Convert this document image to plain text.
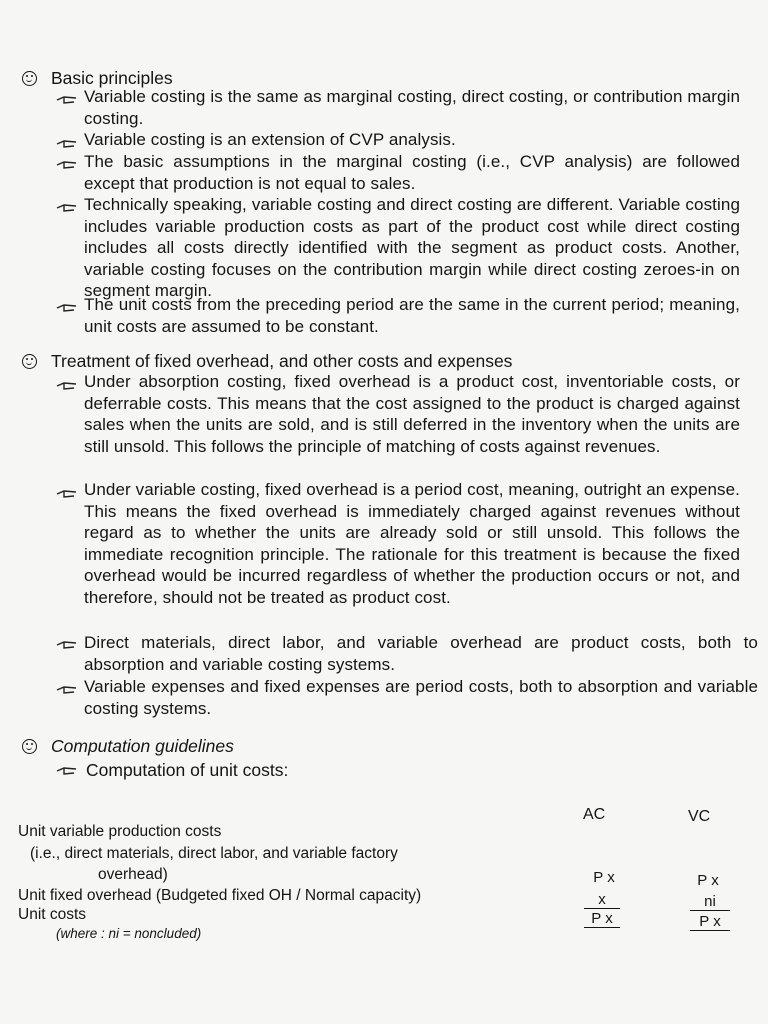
Basic principles
Variable costing is the same as marginal costing, direct costing, or contribution margin costing.
Variable costing is an extension of CVP analysis.
The basic assumptions in the marginal costing (i.e., CVP analysis) are followed except that production is not equal to sales.
Technically speaking, variable costing and direct costing are different. Variable costing includes variable production costs as part of the product cost while direct costing includes all costs directly identified with the segment as product costs. Another, variable costing focuses on the contribution margin while direct costing zeroes-in on segment margin.
The unit costs from the preceding period are the same in the current period; meaning, unit costs are assumed to be constant.
Treatment of fixed overhead, and other costs and expenses
Under absorption costing, fixed overhead is a product cost, inventoriable costs, or deferrable costs. This means that the cost assigned to the product is charged against sales when the units are sold, and is still deferred in the inventory when the units are still unsold. This follows the principle of matching of costs against revenues.
Under variable costing, fixed overhead is a period cost, meaning, outright an expense. This means the fixed overhead is immediately charged against revenues without regard as to whether the units are already sold or still unsold. This follows the immediate recognition principle. The rationale for this treatment is because the fixed overhead would be incurred regardless of whether the production occurs or not, and therefore, should not be treated as product cost.
Direct materials, direct labor, and variable overhead are product costs, both to absorption and variable costing systems.
Variable expenses and fixed expenses are period costs, both to absorption and variable costing systems.
Computation guidelines
Computation of unit costs:
AC	VC
Unit variable production costs
(i.e., direct materials, direct labor, and variable factory
overhead)
Unit fixed overhead (Budgeted fixed OH / Normal capacity)
Unit costs
P x
x
P x
P x
ni
P x
(where : ni = noncluded)
